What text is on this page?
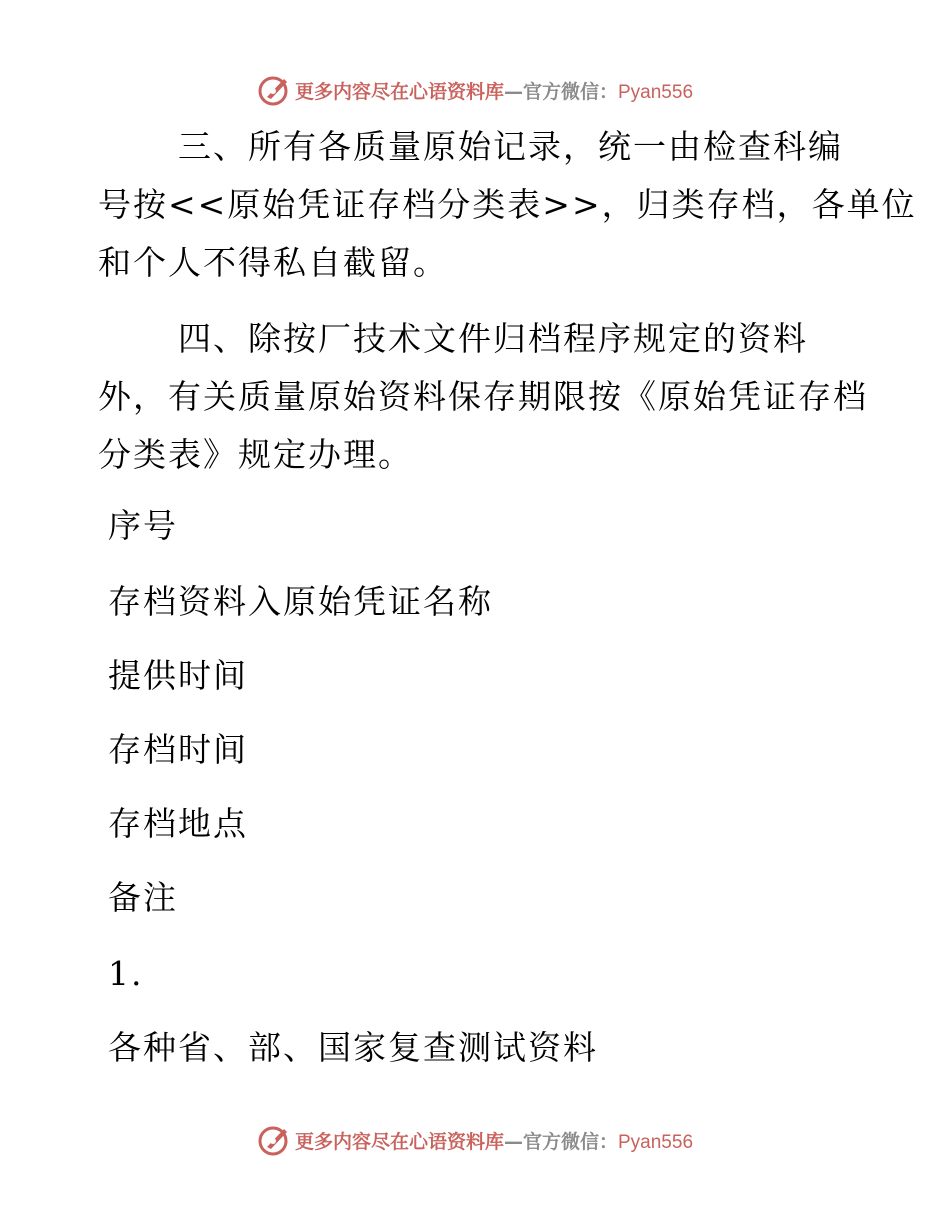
更多内容尽在心语资料库—官方微信：Pyan556
三、所有各质量原始记录，统一由检查科编
号按<<原始凭证存档分类表>>，归类存档，各单位
和个人不得私自截留。
四、除按厂技术文件归档程序规定的资料
外，有关质量原始资料保存期限按《原始凭证存档
分类表》规定办理。

序号

存档资料入原始凭证名称

提供时间

存档时间

存档地点

备注

1.

各种省、部、国家复查测试资料

更多内容尽在心语资料库—官方微信：Pyan556
